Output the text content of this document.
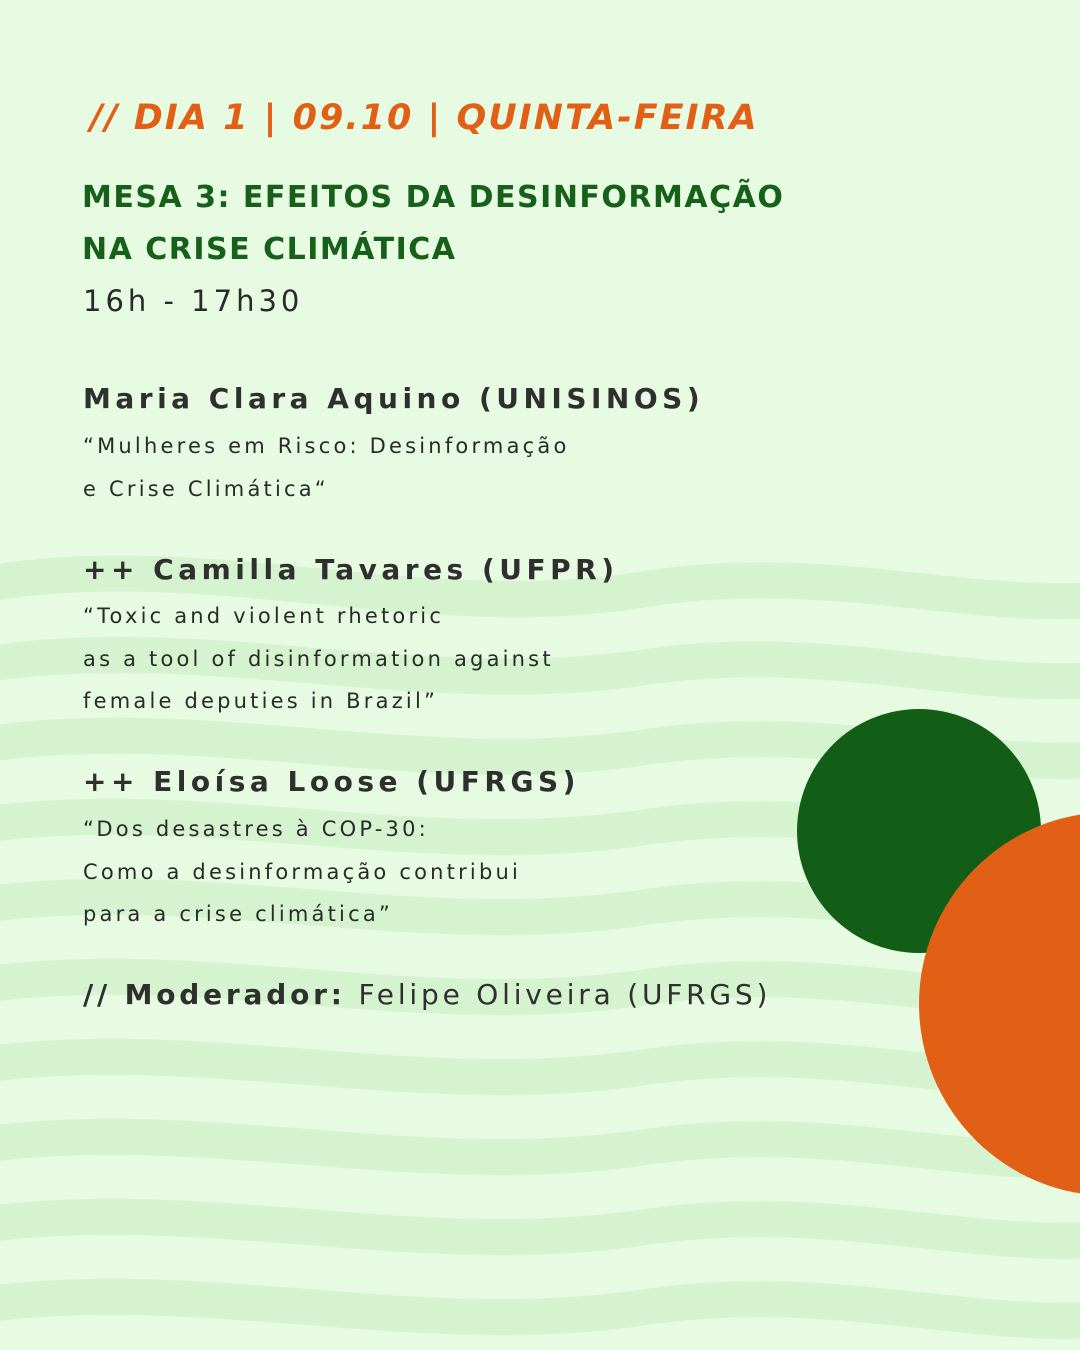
// DIA 1 | 09.10 | QUINTA-FEIRA
MESA 3: EFEITOS DA DESINFORMAÇÃO
NA CRISE CLIMÁTICA
16h - 17h30
Maria Clara Aquino (UNISINOS)
“Mulheres em Risco: Desinformação
e Crise Climática“
++ Camilla Tavares (UFPR)
“Toxic and violent rhetoric
as a tool of disinformation against
female deputies in Brazil”
++ Eloísa Loose (UFRGS)
“Dos desastres à COP-30:
Como a desinformação contribui
para a crise climática”
// Moderador: Felipe Oliveira (UFRGS)
